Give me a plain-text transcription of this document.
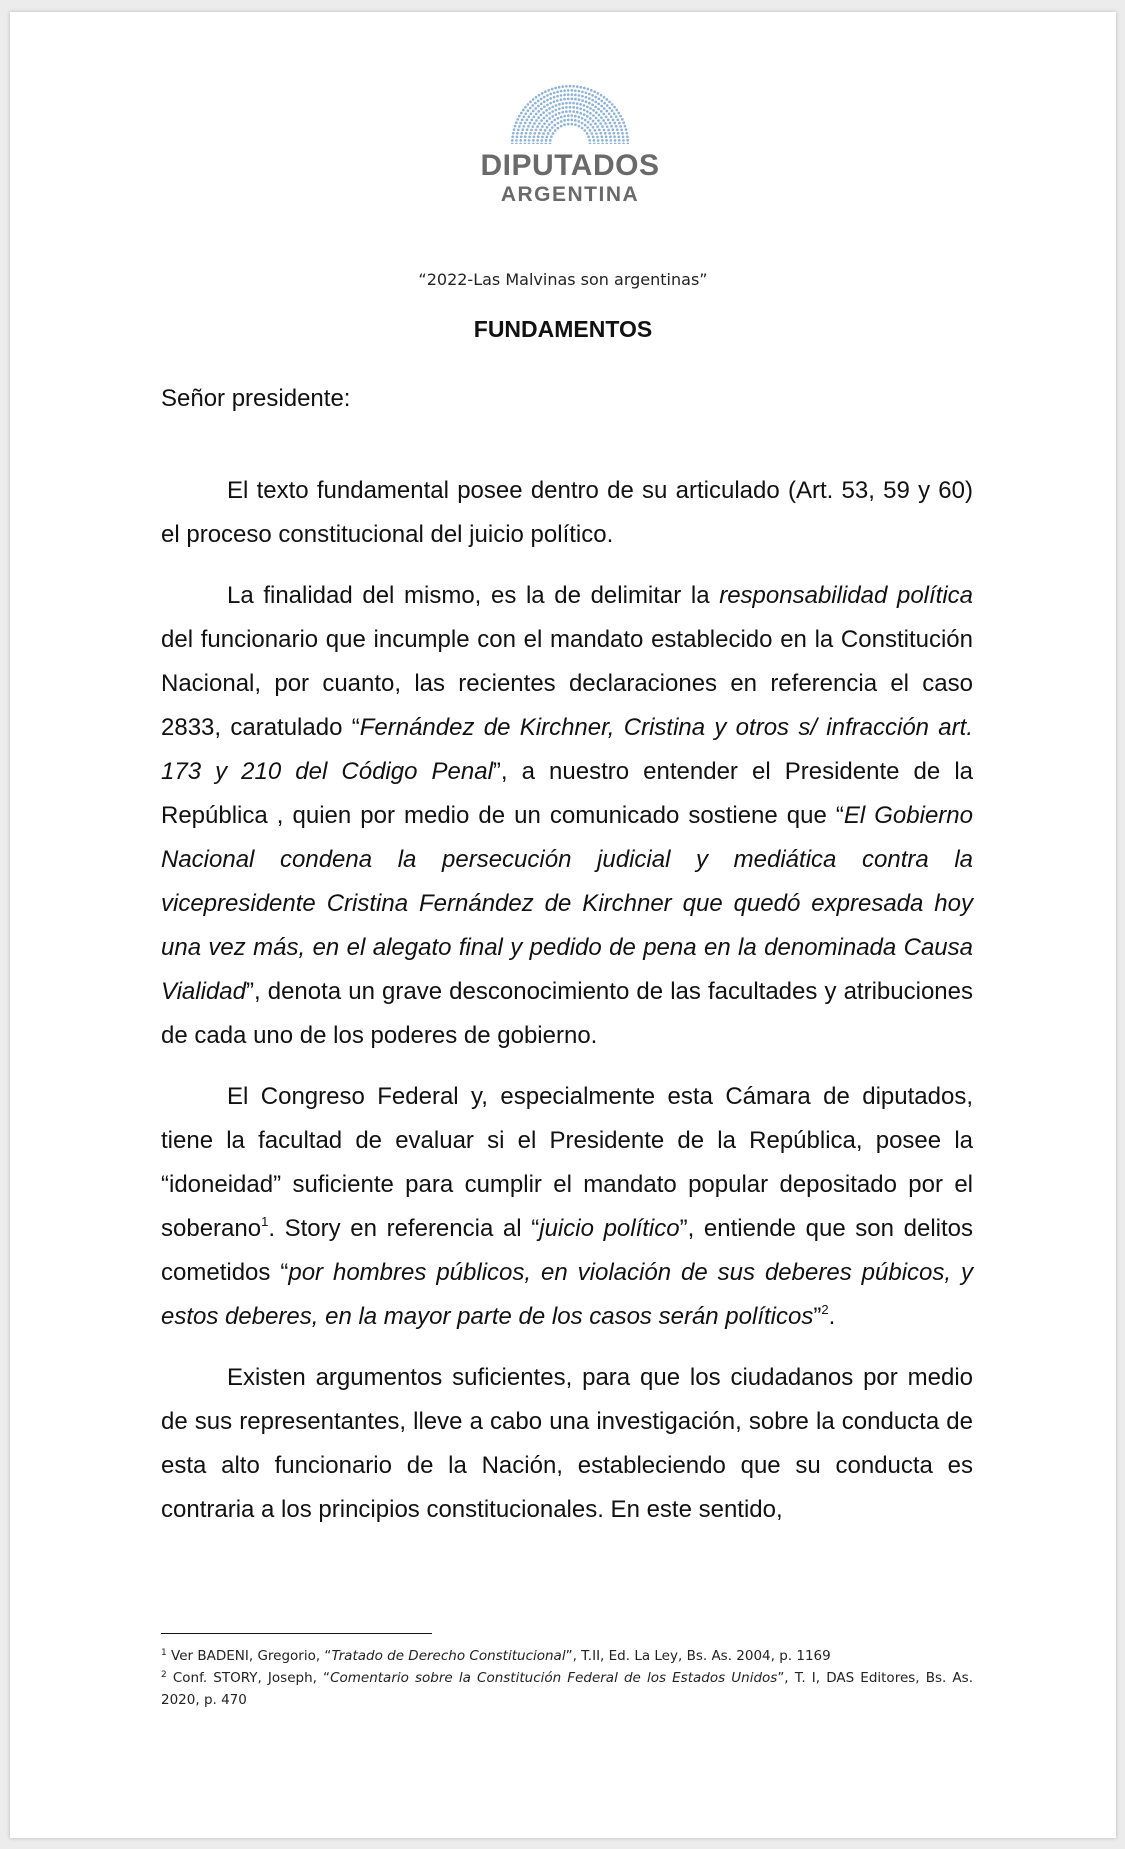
DIPUTADOS
ARGENTINA
“2022-Las Malvinas son argentinas”
FUNDAMENTOS
Señor presidente:

El texto fundamental posee dentro de su articulado (Art. 53, 59 y 60) el proceso constitucional del juicio político.

La finalidad del mismo, es la de delimitar la responsabilidad política del funcionario que incumple con el mandato establecido en la Constitución Nacional, por cuanto, las recientes declaraciones en referencia el caso 2833, caratulado “Fernández de Kirchner, Cristina y otros s/ infracción art. 173 y 210 del Código Penal”, a nuestro entender el Presidente de la República , quien por medio de un comunicado sostiene que “El Gobierno Nacional condena la persecución judicial y mediática contra la vicepresidente Cristina Fernández de Kirchner que quedó expresada hoy una vez más, en el alegato final y pedido de pena en la denominada Causa Vialidad”, denota un grave desconocimiento de las facultades y atribuciones de cada uno de los poderes de gobierno.

El Congreso Federal y, especialmente esta Cámara de diputados, tiene la facultad de evaluar si el Presidente de la República, posee la “idoneidad” suficiente para cumplir el mandato popular depositado por el soberano$^1$. Story en referencia al “juicio político”, entiende que son delitos cometidos “por hombres públicos, en violación de sus deberes púbicos, y estos deberes, en la mayor parte de los casos serán políticos”$^2$.

Existen argumentos suficientes, para que los ciudadanos por medio de sus representantes, lleve a cabo una investigación, sobre la conducta de esta alto funcionario de la Nación, estableciendo que su conducta es contraria a los principios constitucionales. En este sentido,

$^1$ Ver BADENI, Gregorio, “Tratado de Derecho Constitucional”, T.II, Ed. La Ley, Bs. As. 2004, p. 1169
$^2$ Conf. STORY, Joseph, “Comentario sobre la Constitución Federal de los Estados Unidos”, T. I, DAS Editores, Bs. As. 2020, p. 470
